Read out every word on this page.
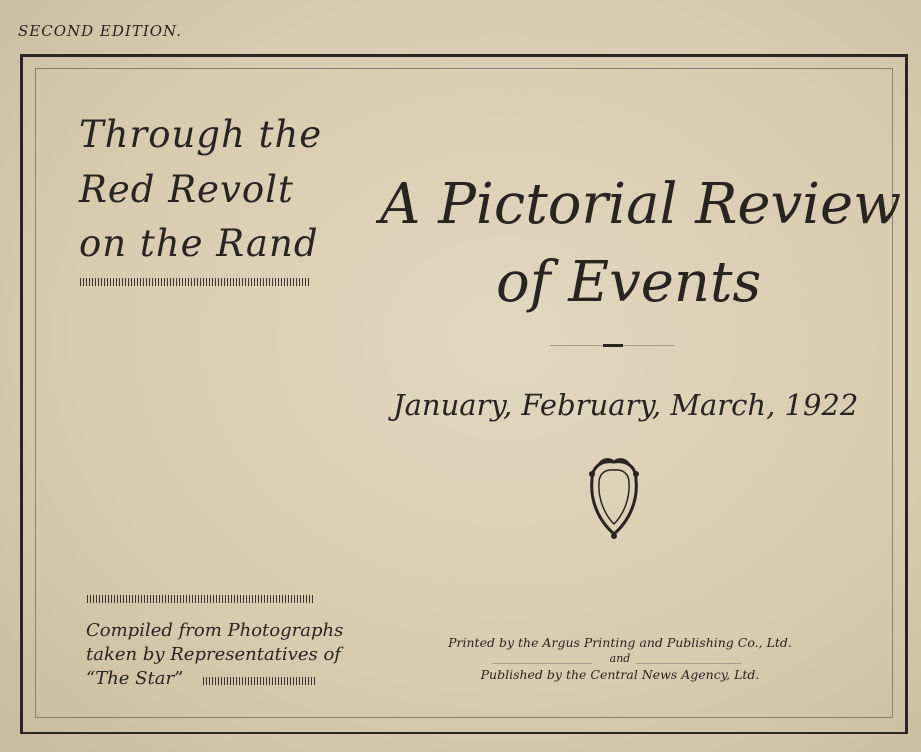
SECOND EDITION.
Through the
Red Revolt
on the Rand
A Pictorial Review
of Events
January, February, March, 1922
Compiled from Photographs
taken by Representatives of
“The Star”
Printed by the Argus Printing and Publishing Co., Ltd.
and
Published by the Central News Agency, Ltd.
